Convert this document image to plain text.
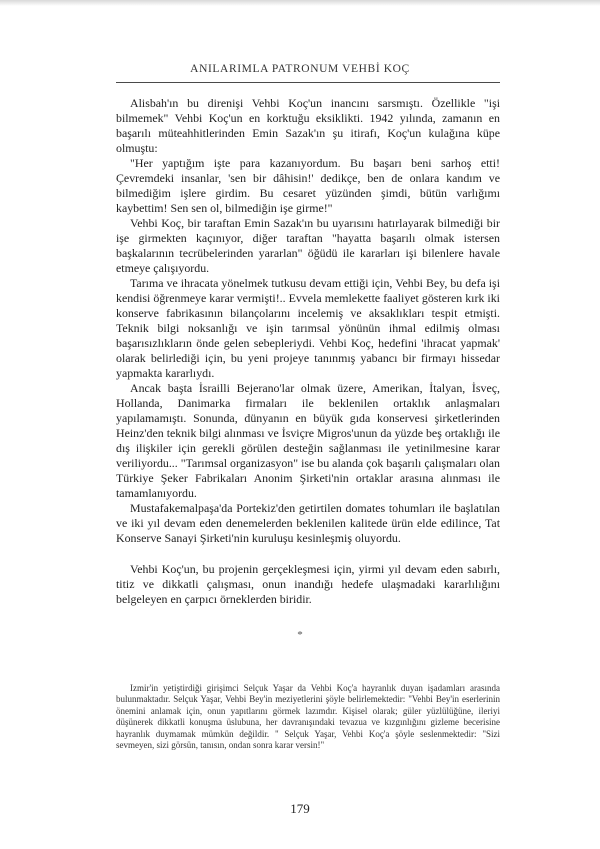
ANILARIMLA PATRONUM VEHBİ KOÇ

Alisbah'ın bu direnişi Vehbi Koç'un inancını sarsmıştı. Özellikle "işi bilmemek" Vehbi Koç'un en korktuğu eksiklikti. 1942 yılında, zamanın en başarılı müteahhitlerinden Emin Sazak'ın şu itirafı, Koç'un kulağına küpe olmuştu:

"Her yaptığım işte para kazanıyordum. Bu başarı beni sarhoş etti! Çevremdeki insanlar, 'sen bir dâhisin!' dedikçe, ben de onlara kandım ve bilmediğim işlere girdim. Bu cesaret yüzünden şimdi, bütün varlığımı kaybettim! Sen sen ol, bilmediğin işe girme!"

Vehbi Koç, bir taraftan Emin Sazak'ın bu uyarısını hatırlayarak bilmediği bir işe girmekten kaçınıyor, diğer taraftan "hayatta başarılı olmak istersen başkalarının tecrübelerinden yararlan" öğüdü ile kararları işi bilenlere havale etmeye çalışıyordu.

Tarıma ve ihracata yönelmek tutkusu devam ettiği için, Vehbi Bey, bu defa işi kendisi öğrenmeye karar vermişti!.. Evvela memlekette faaliyet gösteren kırk iki konserve fabrikasının bilançolarını incelemiş ve aksaklıkları tespit etmişti. Teknik bilgi noksanlığı ve işin tarımsal yönünün ihmal edilmiş olması başarısızlıkların önde gelen sebepleriydi. Vehbi Koç, hedefini 'ihracat yapmak' olarak belirlediği için, bu yeni projeye tanınmış yabancı bir firmayı hissedar yapmakta kararlıydı.

Ancak başta İsrailli Bejerano'lar olmak üzere, Amerikan, İtalyan, İsveç, Hollanda, Danimarka firmaları ile beklenilen ortaklık anlaşmaları yapılamamıştı. Sonunda, dünyanın en büyük gıda konservesi şirketlerinden Heinz'den teknik bilgi alınması ve İsviçre Migros'unun da yüzde beş ortaklığı ile dış ilişkiler için gerekli görülen desteğin sağlanması ile yetinilmesine karar veriliyordu... "Tarımsal organizasyon" ise bu alanda çok başarılı çalışmaları olan Türkiye Şeker Fabrikaları Anonim Şirketi'nin ortaklar arasına alınması ile tamamlanıyordu.

Mustafakemalpaşa'da Portekiz'den getirtilen domates tohumları ile başlatılan ve iki yıl devam eden denemelerden beklenilen kalitede ürün elde edilince, Tat Konserve Sanayi Şirketi'nin kuruluşu kesinleşmiş oluyordu.

Vehbi Koç'un, bu projenin gerçekleşmesi için, yirmi yıl devam eden sabırlı, titiz ve dikkatli çalışması, onun inandığı hedefe ulaşmadaki kararlılığını belgeleyen en çarpıcı örneklerden biridir.

*

Izmir'in yetiştirdiği girişimci Selçuk Yaşar da Vehbi Koç'a hayranlık duyan işadamları arasında bulunmaktadır. Selçuk Yaşar, Vehbi Bey'in meziyetlerini şöyle belirlemektedir: "Vehbi Bey'in eserlerinin önemini anlamak için, onun yapıtlarını görmek lazımdır. Kişisel olarak; güler yüzlülüğüne, ileriyi düşünerek dikkatli konuşma üslubuna, her davranışındaki tevazua ve kızgınlığını gizleme becerisine hayranlık duymamak mümkün değildir. " Selçuk Yaşar, Vehbi Koç'a şöyle seslenmektedir: "Sizi sevmeyen, sizi görsün, tanısın, ondan sonra karar versin!"

179
